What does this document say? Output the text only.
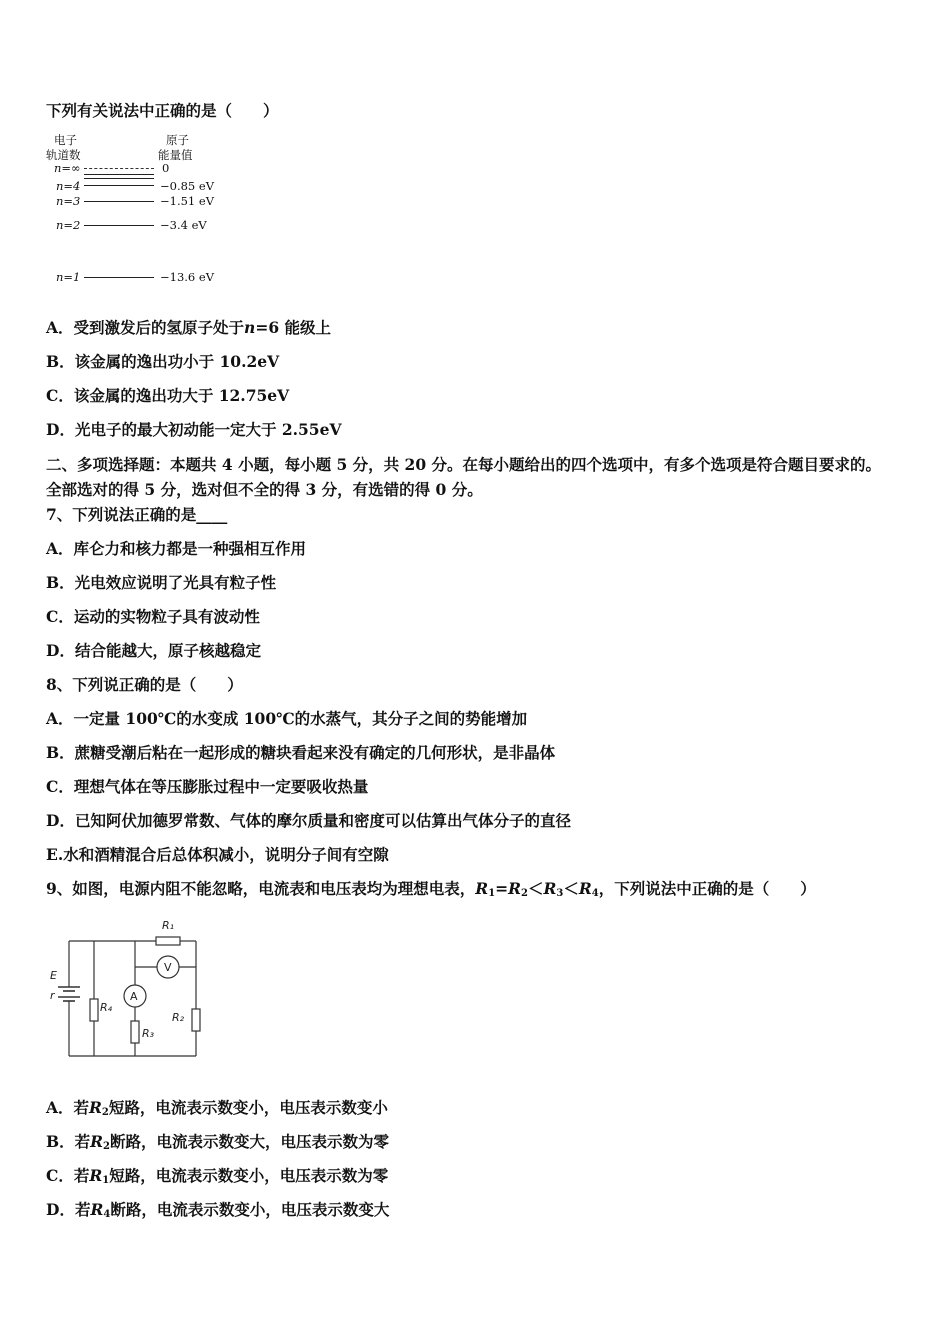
下列有关说法中正确的是（　　）
电子
轨道数
原子
能量值
n=∞	0
n=4	−0.85 eV
n=3	−1.51 eV
n=2	−3.4 eV
n=1	−13.6 eV
A．受到激发后的氢原子处于n=6 能级上
B．该金属的逸出功小于 10.2eV
C．该金属的逸出功大于 12.75eV
D．光电子的最大初动能一定大于 2.55eV
二、多项选择题：本题共 4 小题，每小题 5 分，共 20 分。在每小题给出的四个选项中，有多个选项是符合题目要求的。
全部选对的得 5 分，选对但不全的得 3 分，有选错的得 0 分。
7、下列说法正确的是____
A．库仑力和核力都是一种强相互作用
B．光电效应说明了光具有粒子性
C．运动的实物粒子具有波动性
D．结合能越大，原子核越稳定
8、下列说正确的是（　　）
A．一定量 100℃的水变成 100℃的水蒸气，其分子之间的势能增加
B．蔗糖受潮后粘在一起形成的糖块看起来没有确定的几何形状，是非晶体
C．理想气体在等压膨胀过程中一定要吸收热量
D．已知阿伏加德罗常数、气体的摩尔质量和密度可以估算出气体分子的直径
E.水和酒精混合后总体积减小，说明分子间有空隙
9、如图，电源内阻不能忽略，电流表和电压表均为理想电表，$R_1=R_2<R_3<R_4$，下列说法中正确的是（　　）
E
r
R₁
R₄
R₃
R₂
A
V
A．若$R_2$短路，电流表示数变小，电压表示数变小
B．若$R_2$断路，电流表示数变大，电压表示数为零
C．若$R_1$短路，电流表示数变小，电压表示数为零
D．若$R_4$断路，电流表示数变小，电压表示数变大
